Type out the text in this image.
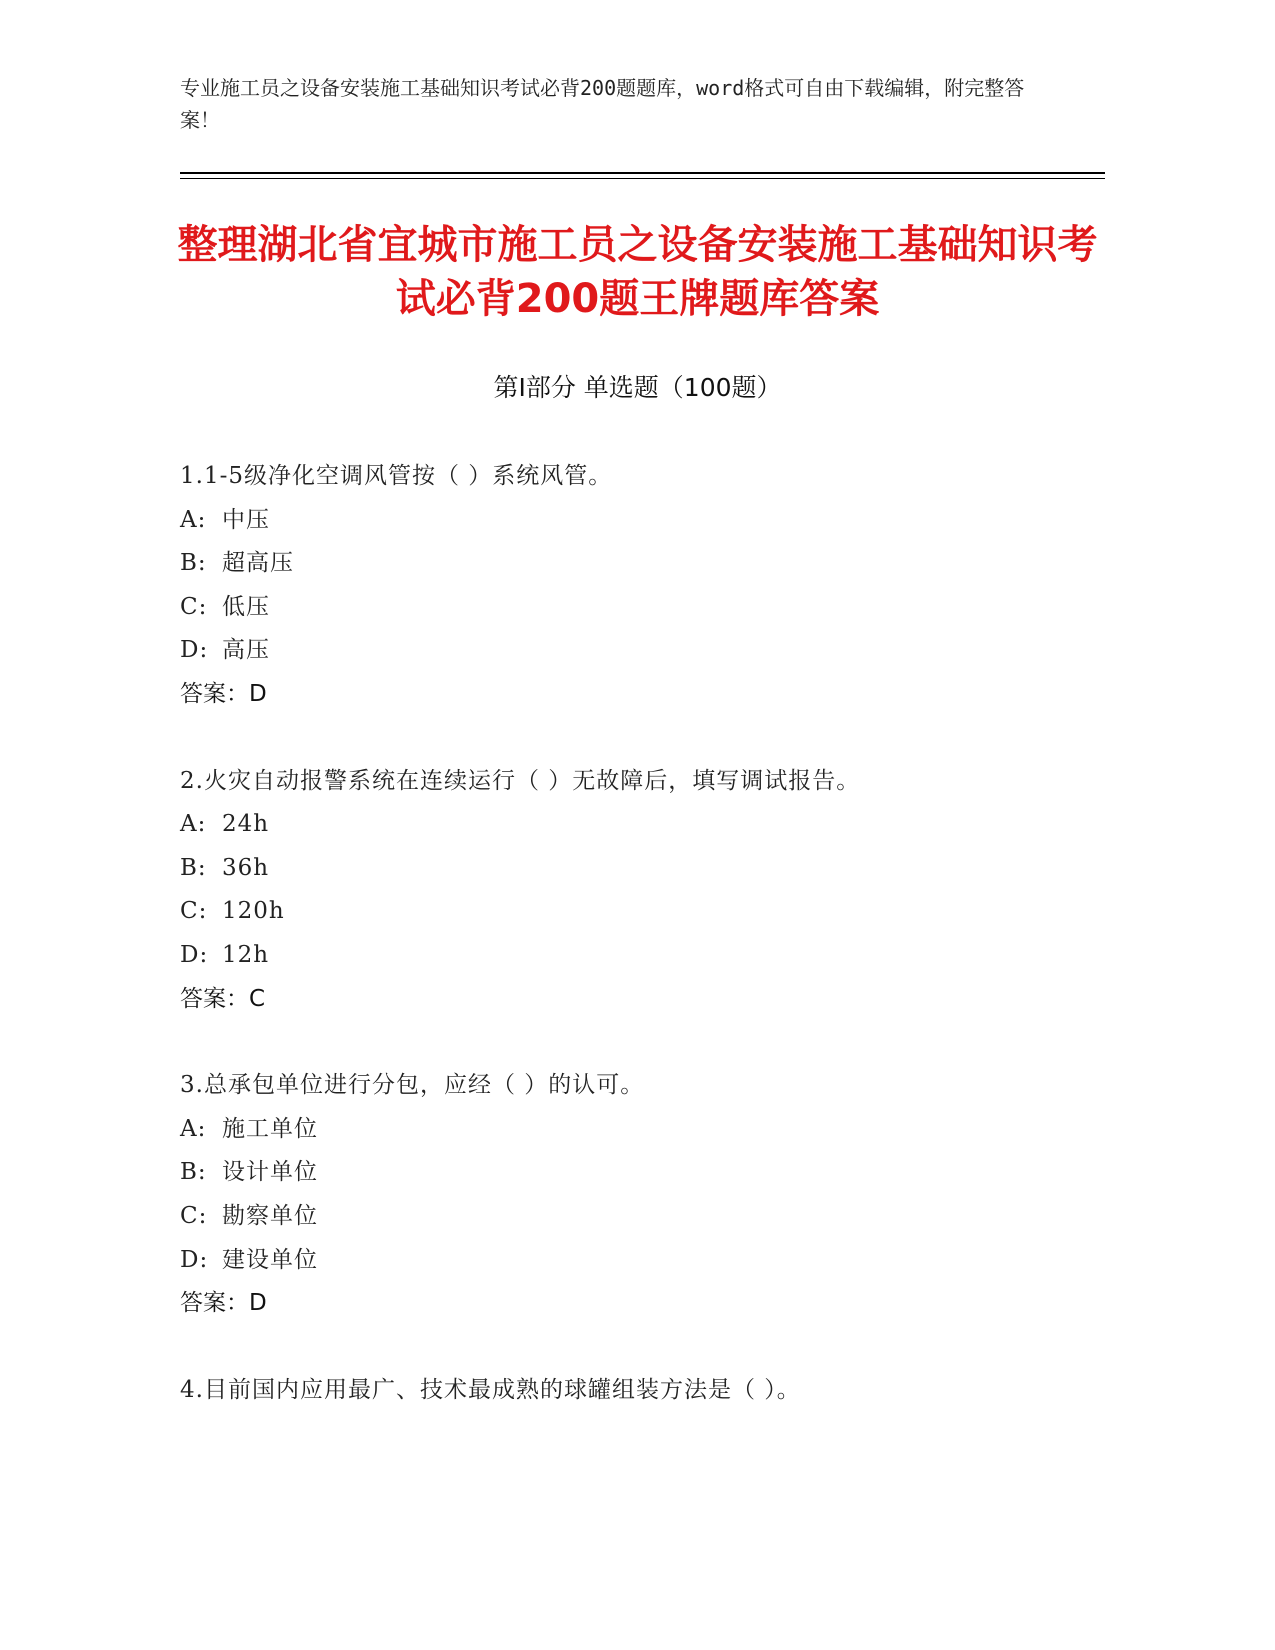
专业施工员之设备安装施工基础知识考试必背200题题库，word格式可自由下载编辑，附完整答案！
整理湖北省宜城市施工员之设备安装施工基础知识考试必背200题王牌题库答案
第Ⅰ部分 单选题（100题）
1.1-5级净化空调风管按（ ）系统风管。
A: 中压
B: 超高压
C: 低压
D: 高压
答案：D
2.火灾自动报警系统在连续运行（ ）无故障后，填写调试报告。
A: 24h
B: 36h
C: 120h
D: 12h
答案：C
3.总承包单位进行分包，应经（ ）的认可。
A: 施工单位
B: 设计单位
C: 勘察单位
D: 建设单位
答案：D
4.目前国内应用最广、技术最成熟的球罐组装方法是（ ）。
